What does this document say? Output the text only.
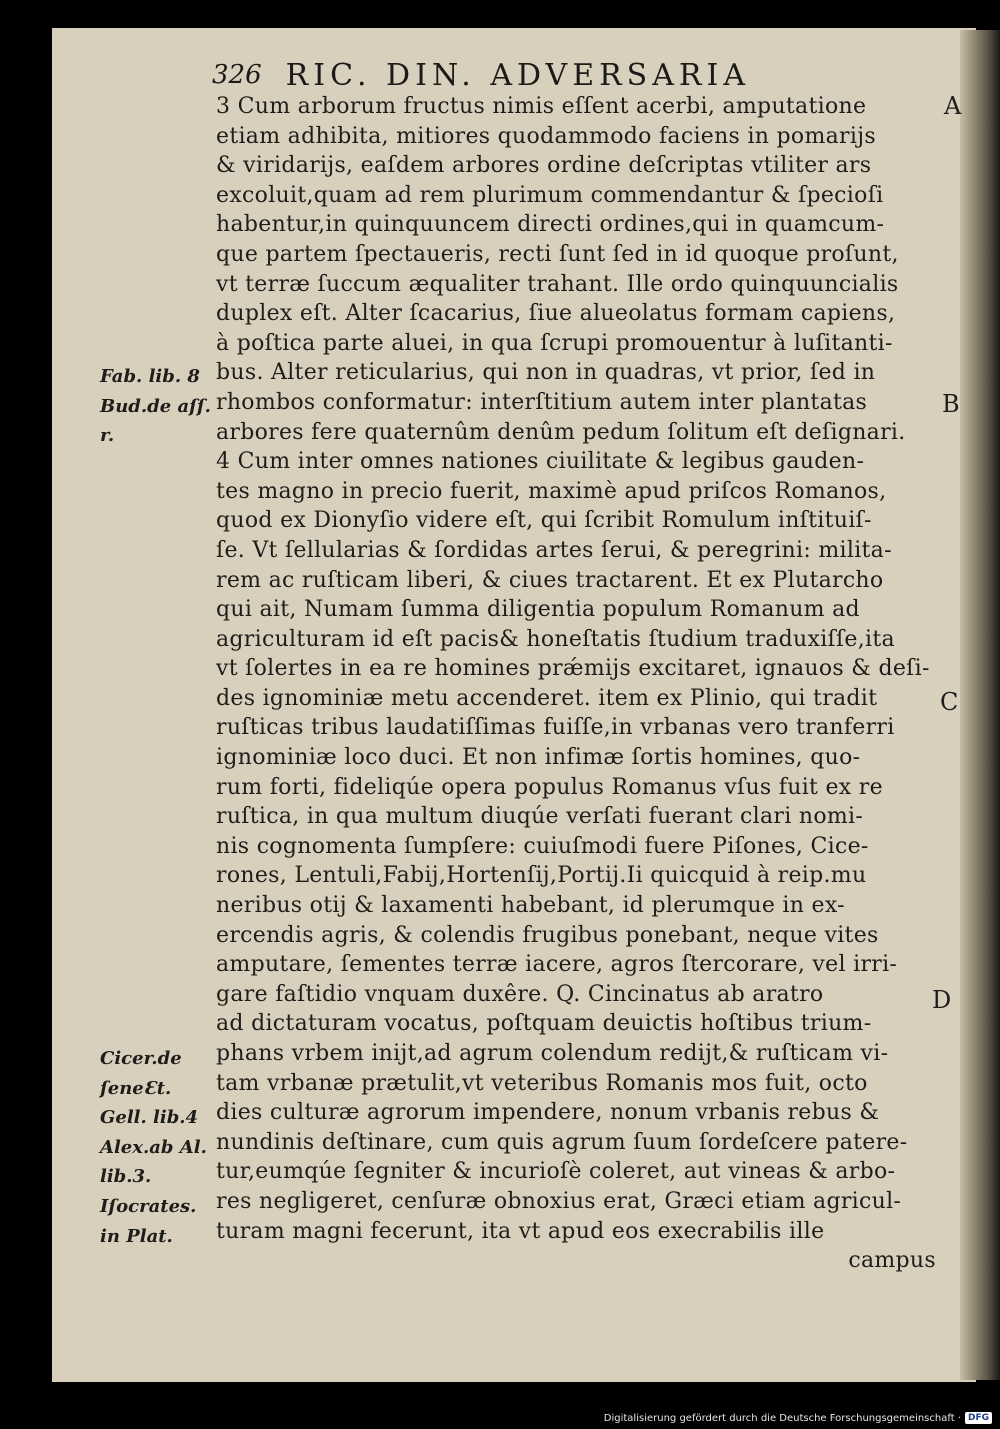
326 RIC. DIN. ADVERSARIA
3 Cum arborum fructus nimis eſſent acerbi, amputatione
etiam adhibita, mitiores quodammodo faciens in pomarijs
& viridarijs, eaſdem arbores ordine deſcriptas vtiliter ars
excoluit,quam ad rem plurimum commendantur & ſpecioſi
habentur,in quinquuncem directi ordines,qui in quamcum-
que partem ſpectaueris, recti ſunt ſed in id quoque proſunt,
vt terræ ſuccum æqualiter trahant. Ille ordo quinquuncialis
duplex eſt. Alter ſcacarius, ſiue alueolatus formam capiens,
à poſtica parte aluei, in qua ſcrupi promouentur à luſitanti-
bus. Alter reticularius, qui non in quadras, vt prior, ſed in
rhombos conformatur: interſtitium autem inter plantatas
arbores fere quaternûm denûm pedum ſolitum eſt deſignari.
4 Cum inter omnes nationes ciuilitate & legibus gauden-
tes magno in precio fuerit, maximè apud priſcos Romanos,
quod ex Dionyſio videre eſt, qui ſcribit Romulum inſtituiſ-
ſe. Vt ſellularias & ſordidas artes ſerui, & peregrini: milita-
rem ac ruſticam liberi, & ciues tractarent. Et ex Plutarcho
qui ait, Numam ſumma diligentia populum Romanum ad
agriculturam id eſt pacis& honeſtatis ſtudium traduxiſſe,ita
vt ſolertes in ea re homines prǽmijs excitaret, ignauos & deſi-
des ignominiæ metu accenderet. item ex Plinio, qui tradit
ruſticas tribus laudatiſſimas fuiſſe,in vrbanas vero tranferri
ignominiæ loco duci. Et non infimæ ſortis homines, quo-
rum forti, fideliqúe opera populus Romanus vſus fuit ex re
ruſtica, in qua multum diuqúe verſati fuerant clari nomi-
nis cognomenta ſumpſere: cuiuſmodi fuere Piſones, Cice-
rones, Lentuli,Fabij,Hortenſij,Portij.Ii quicquid à reip.mu
neribus otij & laxamenti habebant, id plerumque in ex-
ercendis agris, & colendis frugibus ponebant, neque vites
amputare, ſementes terræ iacere, agros ſtercorare, vel irri-
gare faſtidio vnquam duxêre. Q. Cincinatus ab aratro
ad dictaturam vocatus, poſtquam deuictis hoſtibus trium-
phans vrbem inijt,ad agrum colendum redijt,& ruſticam vi-
tam vrbanæ prætulit,vt veteribus Romanis mos fuit, octo
dies culturæ agrorum impendere, nonum vrbanis rebus &
nundinis deſtinare, cum quis agrum ſuum ſordeſcere patere-
tur,eumqúe ſegniter & incurioſè coleret, aut vineas & arbo-
res negligeret, cenſuræ obnoxius erat, Græci etiam agricul-
turam magni fecerunt, ita vt apud eos execrabilis ille
campus
A
B
C
D
Fab. lib. 8
Bud.de aſſ.
r.
Cicer.de
ſeneƐt.
Gell. lib.4
Alex.ab Al.
lib.3.
Iſocrates.
in Plat.
Digitalisierung gefördert durch die Deutsche Forschungsgemeinschaft · DFG
